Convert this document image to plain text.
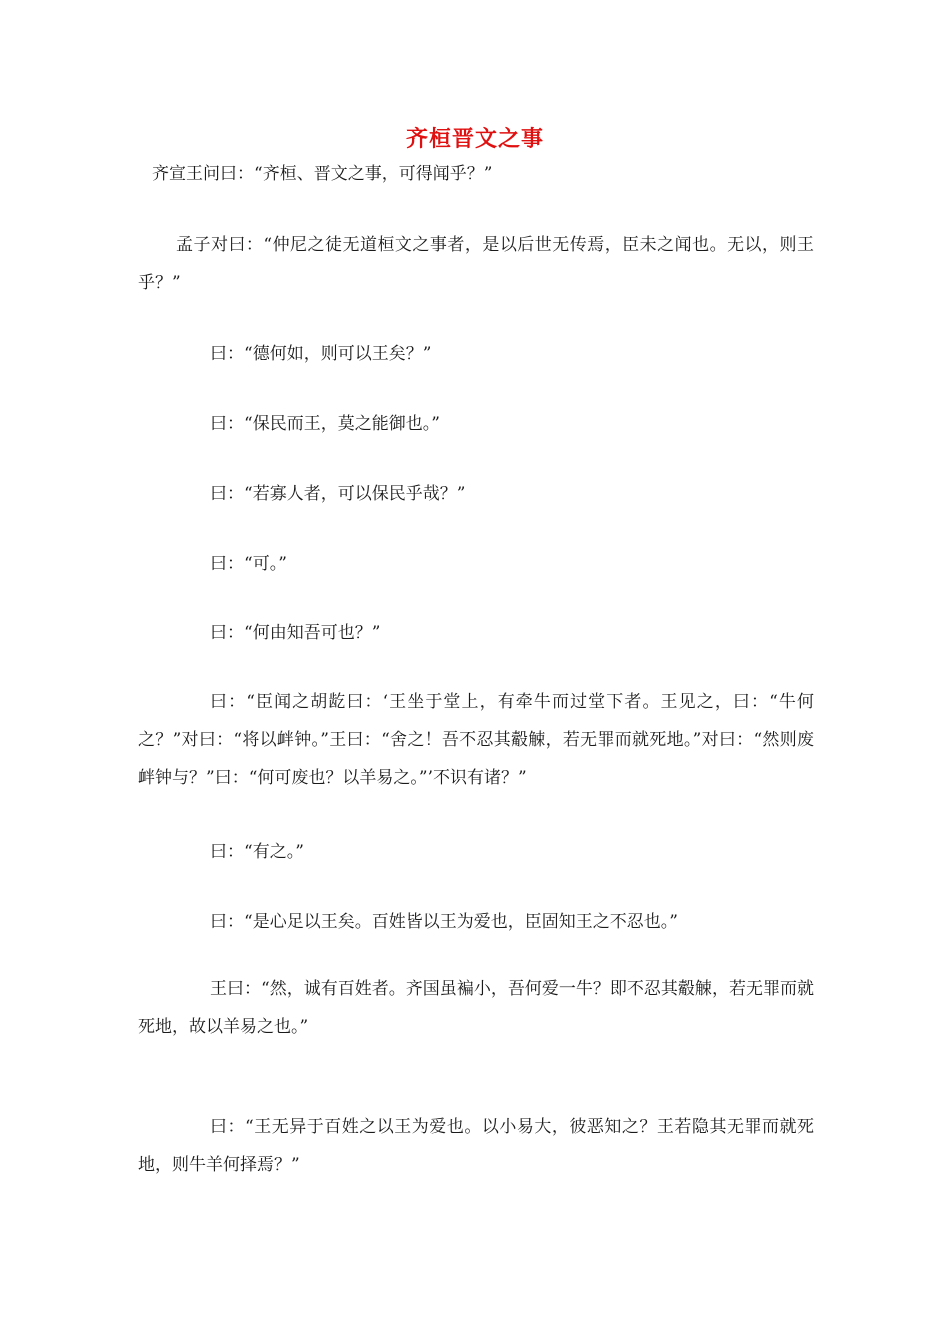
齐桓晋文之事
齐宣王问曰：“齐桓、晋文之事，可得闻乎？”
孟子对曰：“仲尼之徒无道桓文之事者，是以后世无传焉，臣未之闻也。无以，则王乎？”
曰：“德何如，则可以王矣？”
曰：“保民而王，莫之能御也。”
曰：“若寡人者，可以保民乎哉？”
曰：“可。”
曰：“何由知吾可也？”
曰：“臣闻之胡龁曰：‘王坐于堂上，有牵牛而过堂下者。王见之，曰：“牛何之？”对曰：“将以衅钟。”王曰：“舍之！吾不忍其觳觫，若无罪而就死地。”对曰：“然则废衅钟与？”曰：“何可废也？以羊易之。”’不识有诸？”
曰：“有之。”
曰：“是心足以王矣。百姓皆以王为爱也，臣固知王之不忍也。”
王曰：“然，诚有百姓者。齐国虽褊小，吾何爱一牛？即不忍其觳觫，若无罪而就死地，故以羊易之也。”
曰：“王无异于百姓之以王为爱也。以小易大，彼恶知之？王若隐其无罪而就死地，则牛羊何择焉？”
